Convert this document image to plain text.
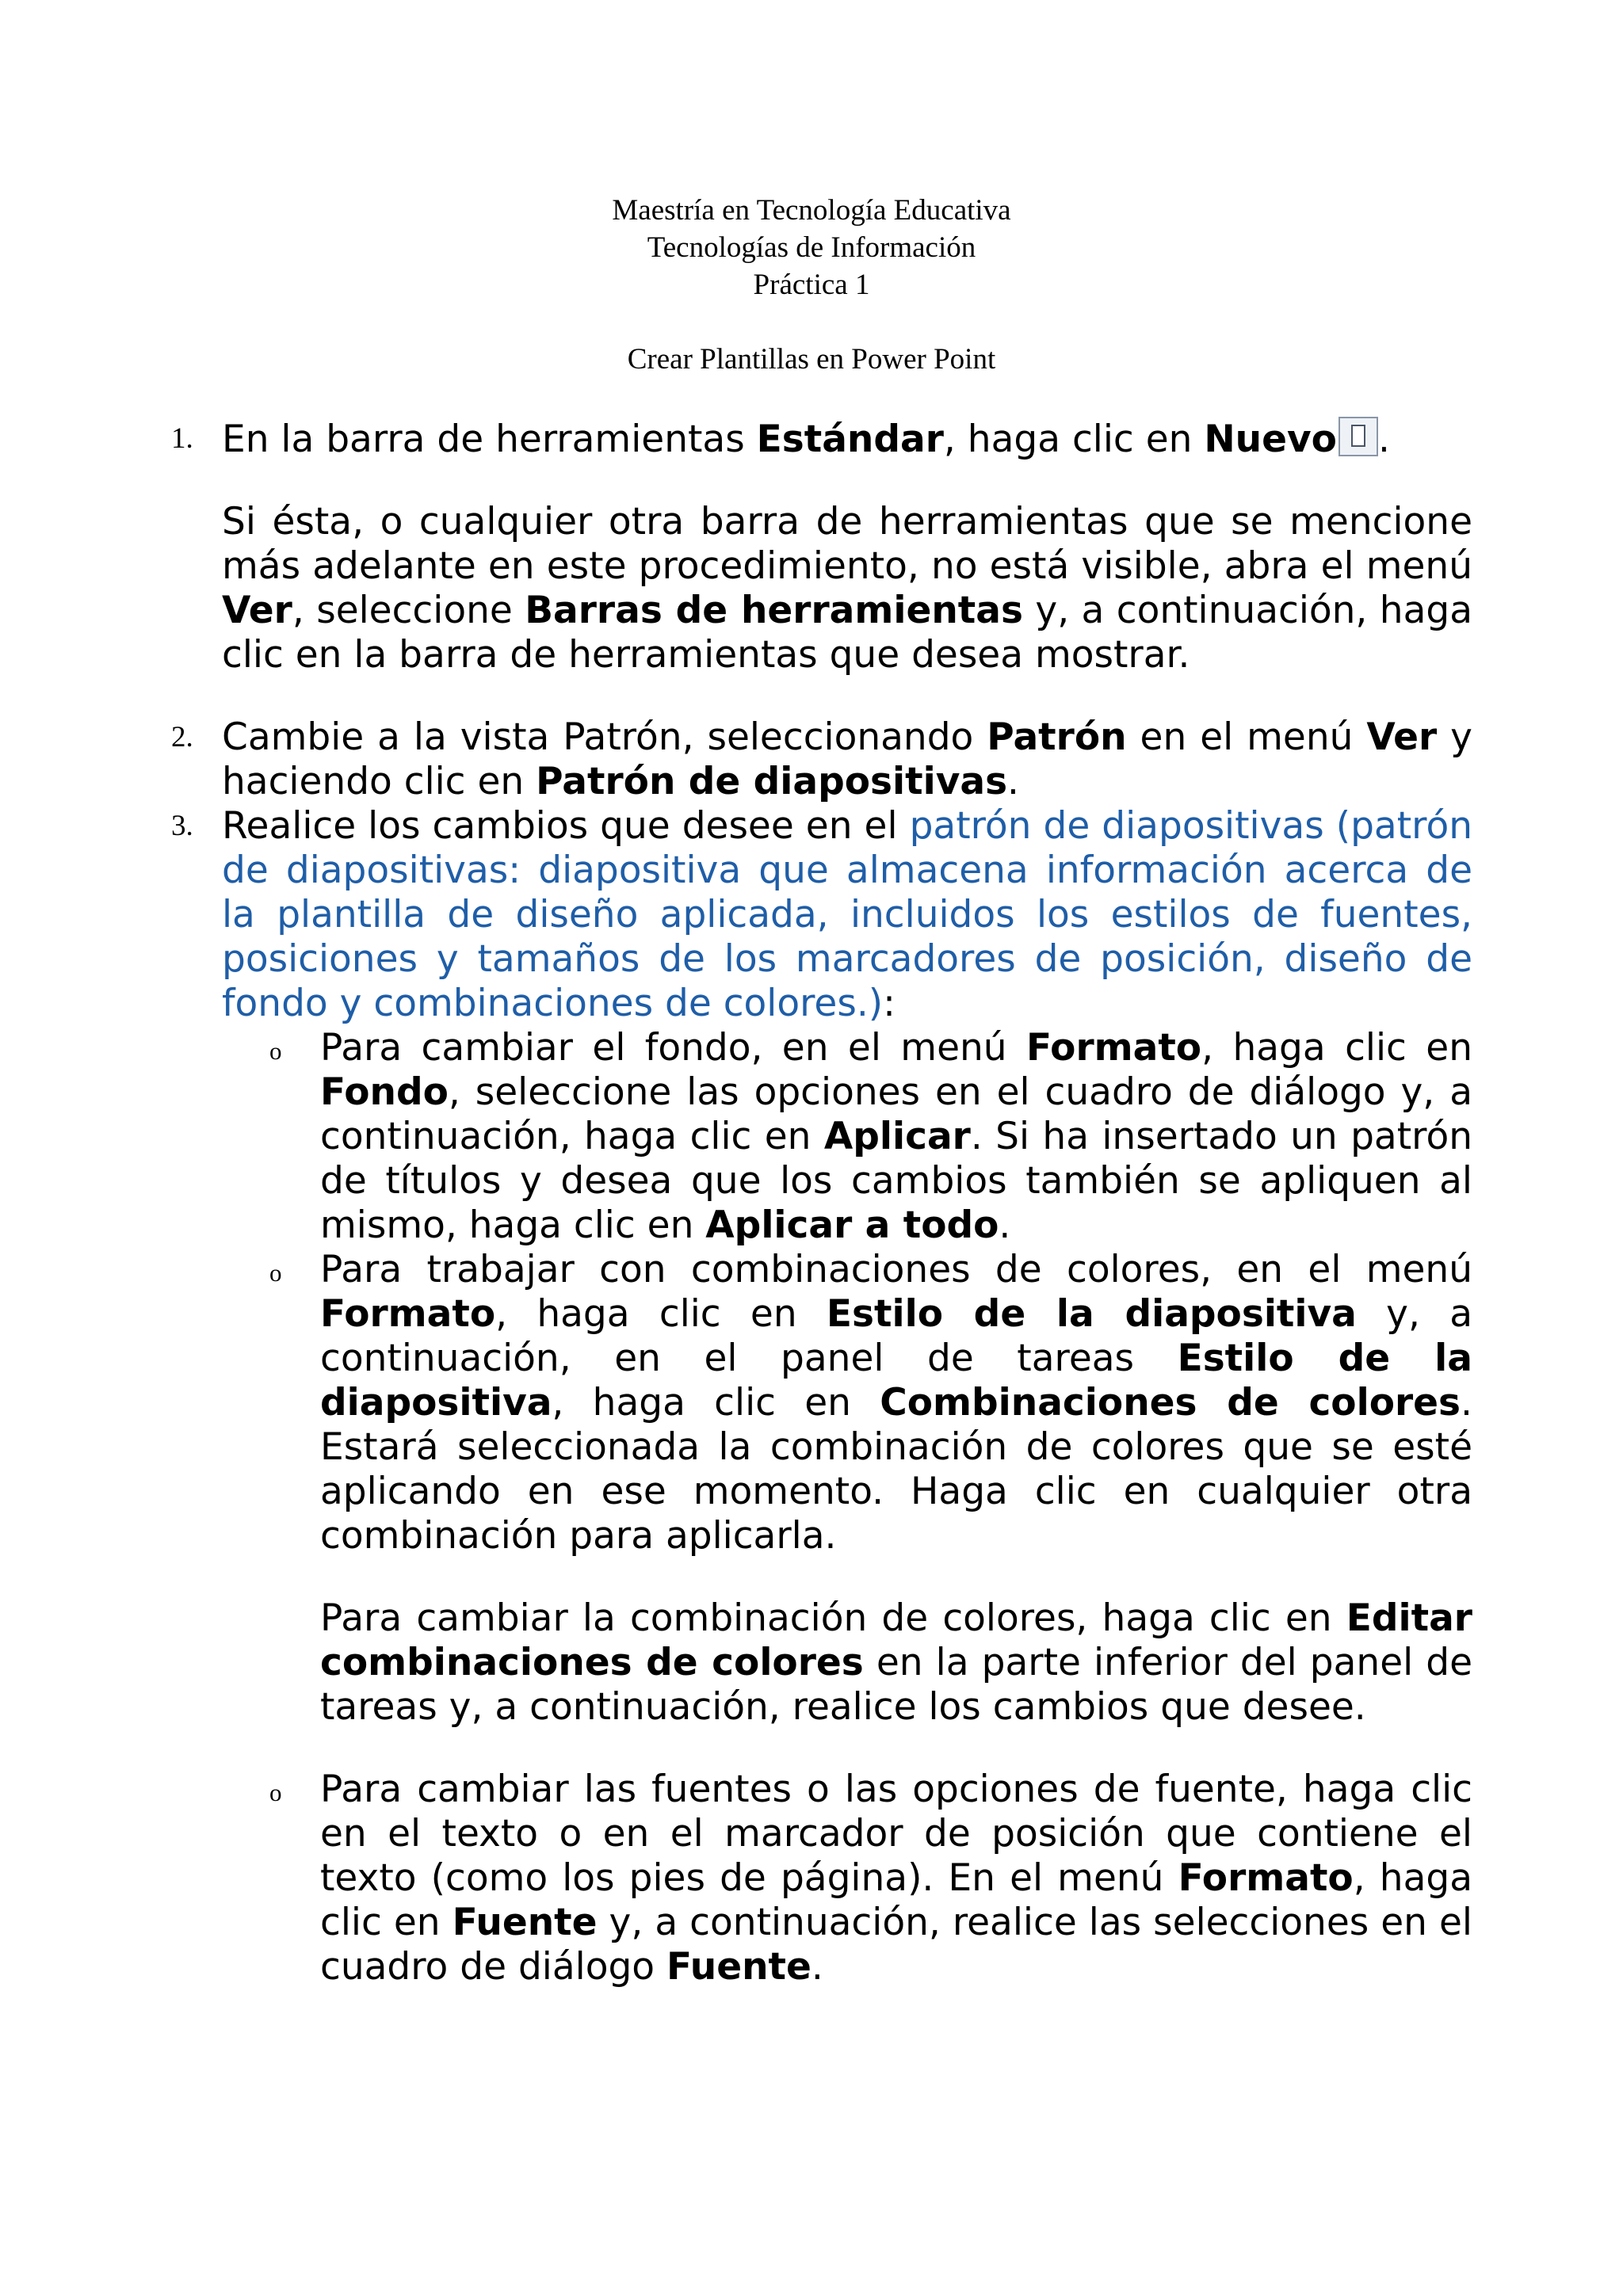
Maestría en Tecnología Educativa
Tecnologías de Información
Práctica 1
Crear Plantillas en Power Point
1. En la barra de herramientas Estándar, haga clic en Nuevo .
Si ésta, o cualquier otra barra de herramientas que se mencione más adelante en este procedimiento, no está visible, abra el menú Ver, seleccione Barras de herramientas y, a continuación, haga clic en la barra de herramientas que desea mostrar.
2. Cambie a la vista Patrón, seleccionando Patrón en el menú Ver y haciendo clic en Patrón de diapositivas.
3. Realice los cambios que desee en el patrón de diapositivas (patrón de diapositivas: diapositiva que almacena información acerca de la plantilla de diseño aplicada, incluidos los estilos de fuentes, posiciones y tamaños de los marcadores de posición, diseño de fondo y combinaciones de colores.):
o Para cambiar el fondo, en el menú Formato, haga clic en Fondo, seleccione las opciones en el cuadro de diálogo y, a continuación, haga clic en Aplicar. Si ha insertado un patrón de títulos y desea que los cambios también se apliquen al mismo, haga clic en Aplicar a todo.
o Para trabajar con combinaciones de colores, en el menú Formato, haga clic en Estilo de la diapositiva y, a continuación, en el panel de tareas Estilo de la diapositiva, haga clic en Combinaciones de colores. Estará seleccionada la combinación de colores que se esté aplicando en ese momento. Haga clic en cualquier otra combinación para aplicarla.
Para cambiar la combinación de colores, haga clic en Editar combinaciones de colores en la parte inferior del panel de tareas y, a continuación, realice los cambios que desee.
o Para cambiar las fuentes o las opciones de fuente, haga clic en el texto o en el marcador de posición que contiene el texto (como los pies de página). En el menú Formato, haga clic en Fuente y, a continuación, realice las selecciones en el cuadro de diálogo Fuente.
